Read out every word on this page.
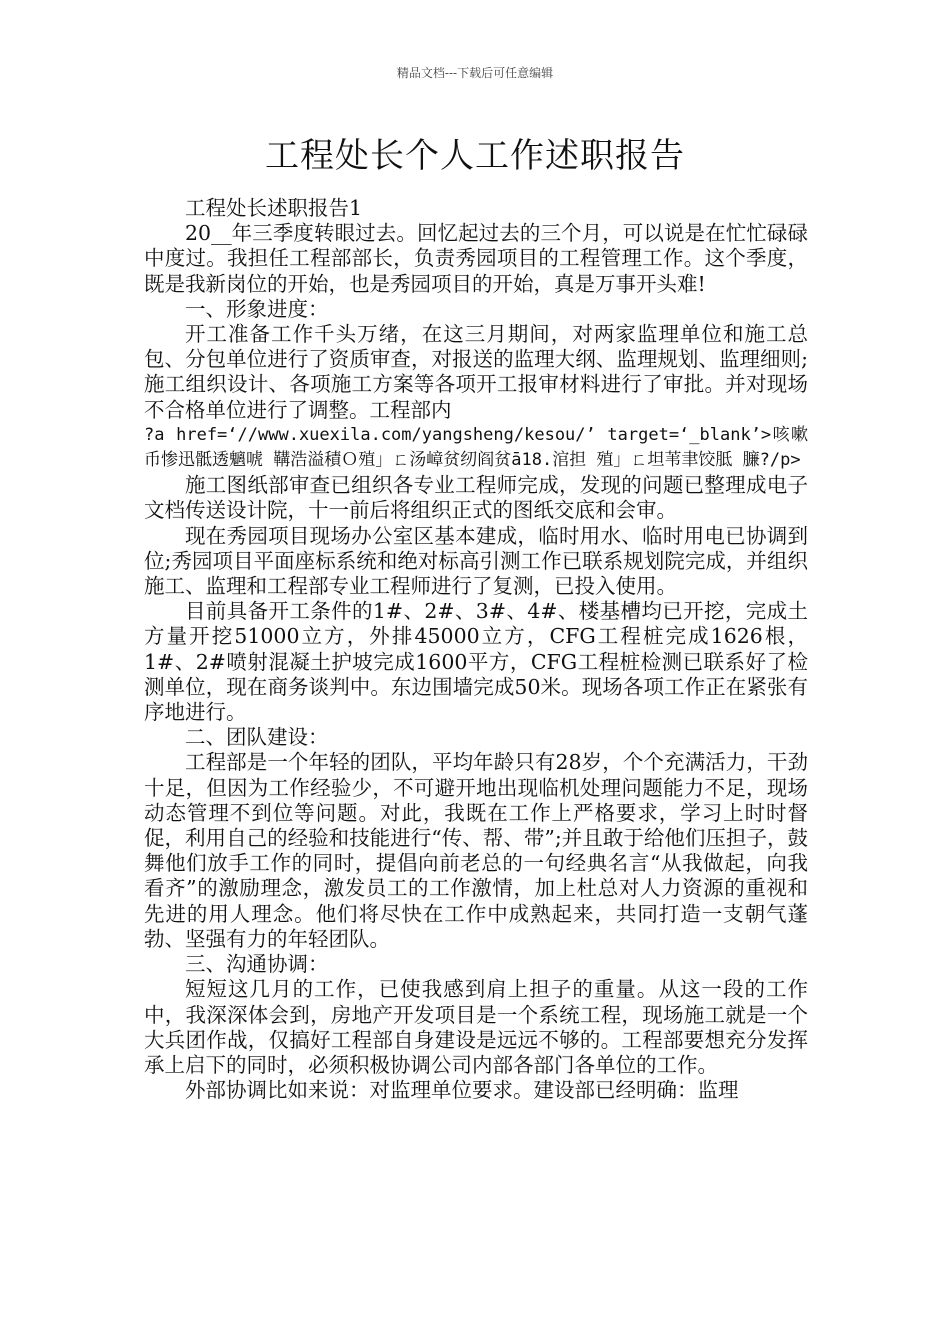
精品文档---下载后可任意编辑
工程处长个人工作述职报告

工程处长述职报告1

20__年三季度转眼过去。回忆起过去的三个月，可以说是在忙忙碌碌中度过。我担任工程部部长，负责秀园项目的工程管理工作。这个季度，既是我新岗位的开始，也是秀园项目的开始，真是万事开头难!

一、形象进度：

开工准备工作千头万绪，在这三月期间，对两家监理单位和施工总包、分包单位进行了资质审查，对报送的监理大纲、监理规划、监理细则;施工组织设计、各项施工方案等各项开工报审材料进行了审批。并对现场不合格单位进行了调整。工程部内

?a href=‘//www.xuexila.com/yangsheng/kesou/’ target=‘_blank’>咳嗽币惨迅骶透魑唬 鞲浩溢積Ｏ殖」ㄈ汤嶂贫纫阎贫ā18.涫担 殖」ㄈ坦苇聿饺胝 臁?/p>

施工图纸部审查已组织各专业工程师完成，发现的问题已整理成电子文档传送设计院，十一前后将组织正式的图纸交底和会审。

现在秀园项目现场办公室区基本建成，临时用水、临时用电已协调到位;秀园项目平面座标系统和绝对标高引测工作已联系规划院完成，并组织施工、监理和工程部专业工程师进行了复测，已投入使用。

目前具备开工条件的1#、2#、3#、4#、楼基槽均已开挖，完成土方量开挖51000立方，外排45000立方，CFG工程桩完成1626根，1#、2#喷射混凝土护坡完成1600平方，CFG工程桩检测已联系好了检测单位，现在商务谈判中。东边围墙完成50米。现场各项工作正在紧张有序地进行。

二、团队建设：

工程部是一个年轻的团队，平均年龄只有28岁，个个充满活力，干劲十足，但因为工作经验少，不可避开地出现临机处理问题能力不足，现场动态管理不到位等问题。对此，我既在工作上严格要求，学习上时时督促，利用自己的经验和技能进行“传、帮、带”;并且敢于给他们压担子，鼓舞他们放手工作的同时，提倡向前老总的一句经典名言“从我做起，向我看齐”的激励理念，激发员工的工作激情，加上杜总对人力资源的重视和先进的用人理念。他们将尽快在工作中成熟起来，共同打造一支朝气蓬勃、坚强有力的年轻团队。

三、沟通协调：

短短这几月的工作，已使我感到肩上担子的重量。从这一段的工作中，我深深体会到，房地产开发项目是一个系统工程，现场施工就是一个大兵团作战，仅搞好工程部自身建设是远远不够的。工程部要想充分发挥承上启下的同时，必须积极协调公司内部各部门各单位的工作。

外部协调比如来说：对监理单位要求。建设部已经明确：监理
